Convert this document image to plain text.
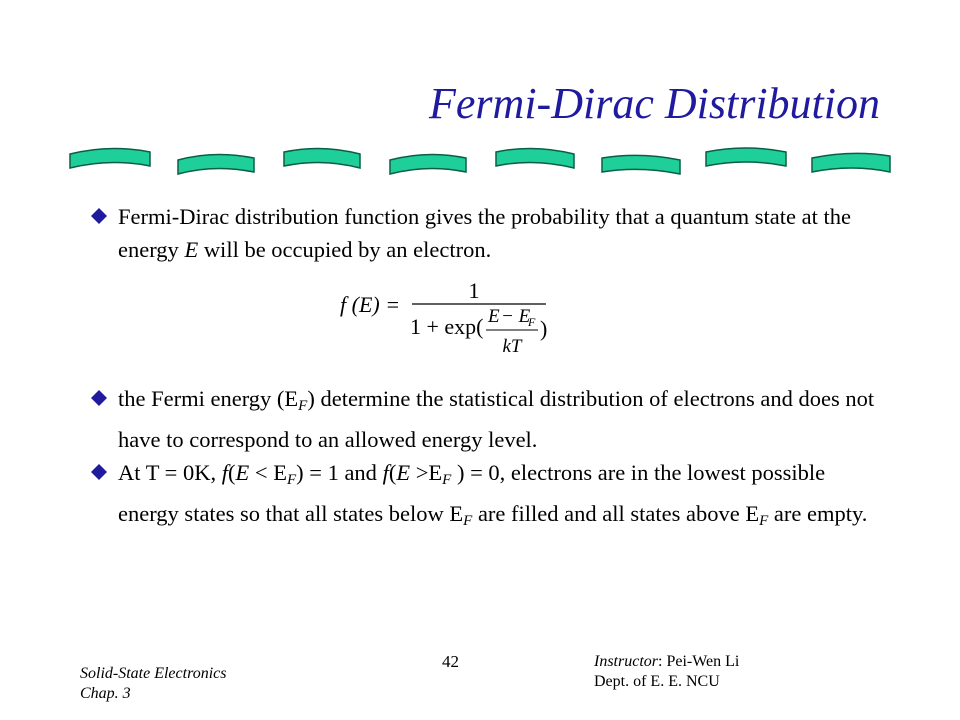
Fermi-Dirac Distribution
Fermi-Dirac distribution function gives the probability that a quantum state at the energy E will be occupied by an electron.
f (E) =
1
1 + exp( E − E
F
kT
)
the Fermi energy $(E_F)$ determine the statistical distribution of electrons and does not have to correspond to an allowed energy level.
At T = 0K, $f(E < E_F) = 1$ and $f(E >E_F$ ) = 0, electrons are in the lowest possible energy states so that all states below $E_F$ are filled and all states above $E_F$ are empty.
Solid-State Electronics
Chap. 3
42	Instructor: Pei-Wen Li
Dept. of E. E. NCU
